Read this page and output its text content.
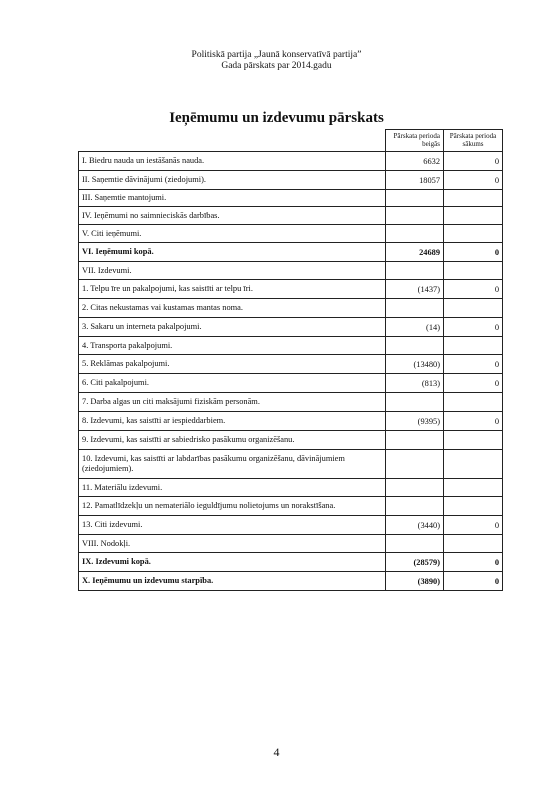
Politiskā partija „Jaunā konservatīvā partija”
Gada pārskats par 2014.gadu
Ieņēmumu un izdevumu pārskats
	Pārskata perioda beigās	Pārskata perioda sākums
I. Biedru nauda un iestāšanās nauda.	6632	0
II. Saņemtie dāvinājumi (ziedojumi).	18057	0
III. Saņemtie mantojumi.		
IV. Ieņēmumi no saimnieciskās darbības.		
V. Citi ieņēmumi.		
VI. Ieņēmumi kopā.	24689	0
VII. Izdevumi.		
1. Telpu īre un pakalpojumi, kas saistīti ar telpu īri.	(1437)	0
2. Citas nekustamas vai kustamas mantas noma.		
3. Sakaru un interneta pakalpojumi.	(14)	0
4. Transporta pakalpojumi.		
5. Reklāmas pakalpojumi.	(13480)	0
6. Citi pakalpojumi.	(813)	0
7. Darba algas un citi maksājumi fiziskām personām.		
8. Izdevumi, kas saistīti ar iespieddarbiem.	(9395)	0
9. Izdevumi, kas saistīti ar sabiedrisko pasākumu organizēšanu.		
10. Izdevumi, kas saistīti ar labdarības pasākumu organizēšanu, dāvinājumiem (ziedojumiem).		
11. Materiālu izdevumi.		
12. Pamatlīdzekļu un nemateriālo ieguldījumu nolietojums un norakstīšana.		
13. Citi izdevumi.	(3440)	0
VIII. Nodokļi.		
IX. Izdevumi kopā.	(28579)	0
X. Ieņēmumu un izdevumu starpība.	(3890)	0
4
